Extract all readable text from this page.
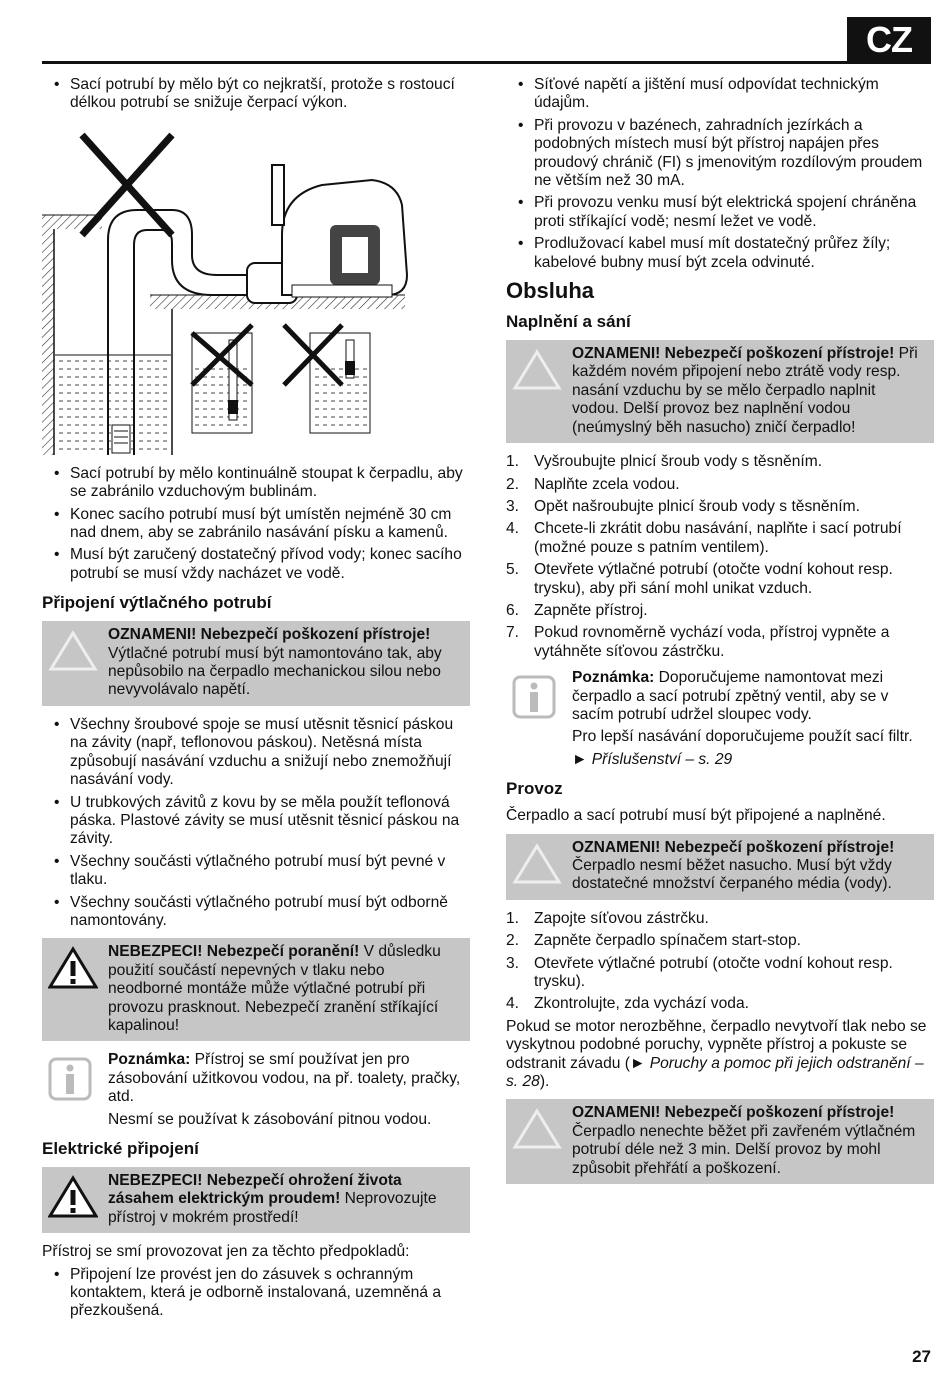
CZ
• Sací potrubí by mělo být co nejkratší, protože s rostoucí délkou potrubí se snižuje čerpací výkon.
• Sací potrubí by mělo kontinuálně stoupat k čerpadlu, aby se zabránilo vzduchovým bublinám.
• Konec sacího potrubí musí být umístěn nejméně 30 cm nad dnem, aby se zabránilo nasávání písku a kamenů.
• Musí být zaručený dostatečný přívod vody; konec sacího potrubí se musí vždy nacházet ve vodě.
Připojení výtlačného potrubí
OZNAMENI! Nebezpečí poškození přístroje! Výtlačné potrubí musí být namontováno tak, aby nepůsobilo na čerpadlo mechanickou silou nebo nevyvolávalo napětí.
• Všechny šroubové spoje se musí utěsnit těsnicí páskou na závity (např, teflonovou páskou). Netěsná místa způsobují nasávání vzduchu a snižují nebo znemožňují nasávání vody.
• U trubkových závitů z kovu by se měla použít teflonová páska. Plastové závity se musí utěsnit těsnicí páskou na závity.
• Všechny součásti výtlačného potrubí musí být pevné v tlaku.
• Všechny součásti výtlačného potrubí musí být odborně namontovány.
NEBEZPECI! Nebezpečí poranění! V důsledku použití součástí nepevných v tlaku nebo neodborné montáže může výtlačné potrubí při provozu prasknout. Nebezpečí zranění stříkající kapalinou!

Poznámka: Přístroj se smí používat jen pro zásobování užitkovou vodou, na př. toalety, pračky, atd.

Nesmí se používat k zásobování pitnou vodou.

Elektrické připojení
NEBEZPECI! Nebezpečí ohrožení života zásahem elektrickým proudem! Neprovozujte přístroj v mokrém prostředí!
Přístroj se smí provozovat jen za těchto předpokladů:
• Připojení lze provést jen do zásuvek s ochranným kontaktem, která je odborně instalovaná, uzemněná a přezkoušená.
• Síťové napětí a jištění musí odpovídat technickým údajům.
• Při provozu v bazénech, zahradních jezírkách a podobných místech musí být přístroj napájen přes proudový chránič (FI) s jmenovitým rozdílovým proudem ne větším než 30 mA.
• Při provozu venku musí být elektrická spojení chráněna proti stříkající vodě; nesmí ležet ve vodě.
• Prodlužovací kabel musí mít dostatečný průřez žíly; kabelové bubny musí být zcela odvinuté.
Obsluha
Naplnění a sání
OZNAMENI! Nebezpečí poškození přístroje! Při každém novém připojení nebo ztrátě vody resp. nasání vzduchu by se mělo čerpadlo naplnit vodou. Delší provoz bez naplnění vodou (neúmyslný běh nasucho) zničí čerpadlo!
1. Vyšroubujte plnicí šroub vody s těsněním.
2. Naplňte zcela vodou.
3. Opět našroubujte plnicí šroub vody s těsněním.
4. Chcete-li zkrátit dobu nasávání, naplňte i sací potrubí (možné pouze s patním ventilem).
5. Otevřete výtlačné potrubí (otočte vodní kohout resp. trysku), aby při sání mohl unikat vzduch.
6. Zapněte přístroj.
7. Pokud rovnoměrně vychází voda, přístroj vypněte a vytáhněte síťovou zástrčku.

Poznámka: Doporučujeme namontovat mezi čerpadlo a sací potrubí zpětný ventil, aby se v sacím potrubí udržel sloupec vody.

Pro lepší nasávání doporučujeme použít sací filtr.

► Příslušenství – s. 29

Provoz
Čerpadlo a sací potrubí musí být připojené a naplněné.
OZNAMENI! Nebezpečí poškození přístroje! Čerpadlo nesmí běžet nasucho. Musí být vždy dostatečné množství čerpaného média (vody).
1. Zapojte síťovou zástrčku.
2. Zapněte čerpadlo spínačem start-stop.
3. Otevřete výtlačné potrubí (otočte vodní kohout resp. trysku).
4. Zkontrolujte, zda vychází voda.
Pokud se motor nerozběhne, čerpadlo nevytvoří tlak nebo se vyskytnou podobné poruchy, vypněte přístroj a pokuste se odstranit závadu (► Poruchy a pomoc při jejich odstranění – s. 28).
OZNAMENI! Nebezpečí poškození přístroje! Čerpadlo nenechte běžet při zavřeném výtlačném potrubí déle než 3 min. Delší provoz by mohl způsobit přehřátí a poškození.
27
